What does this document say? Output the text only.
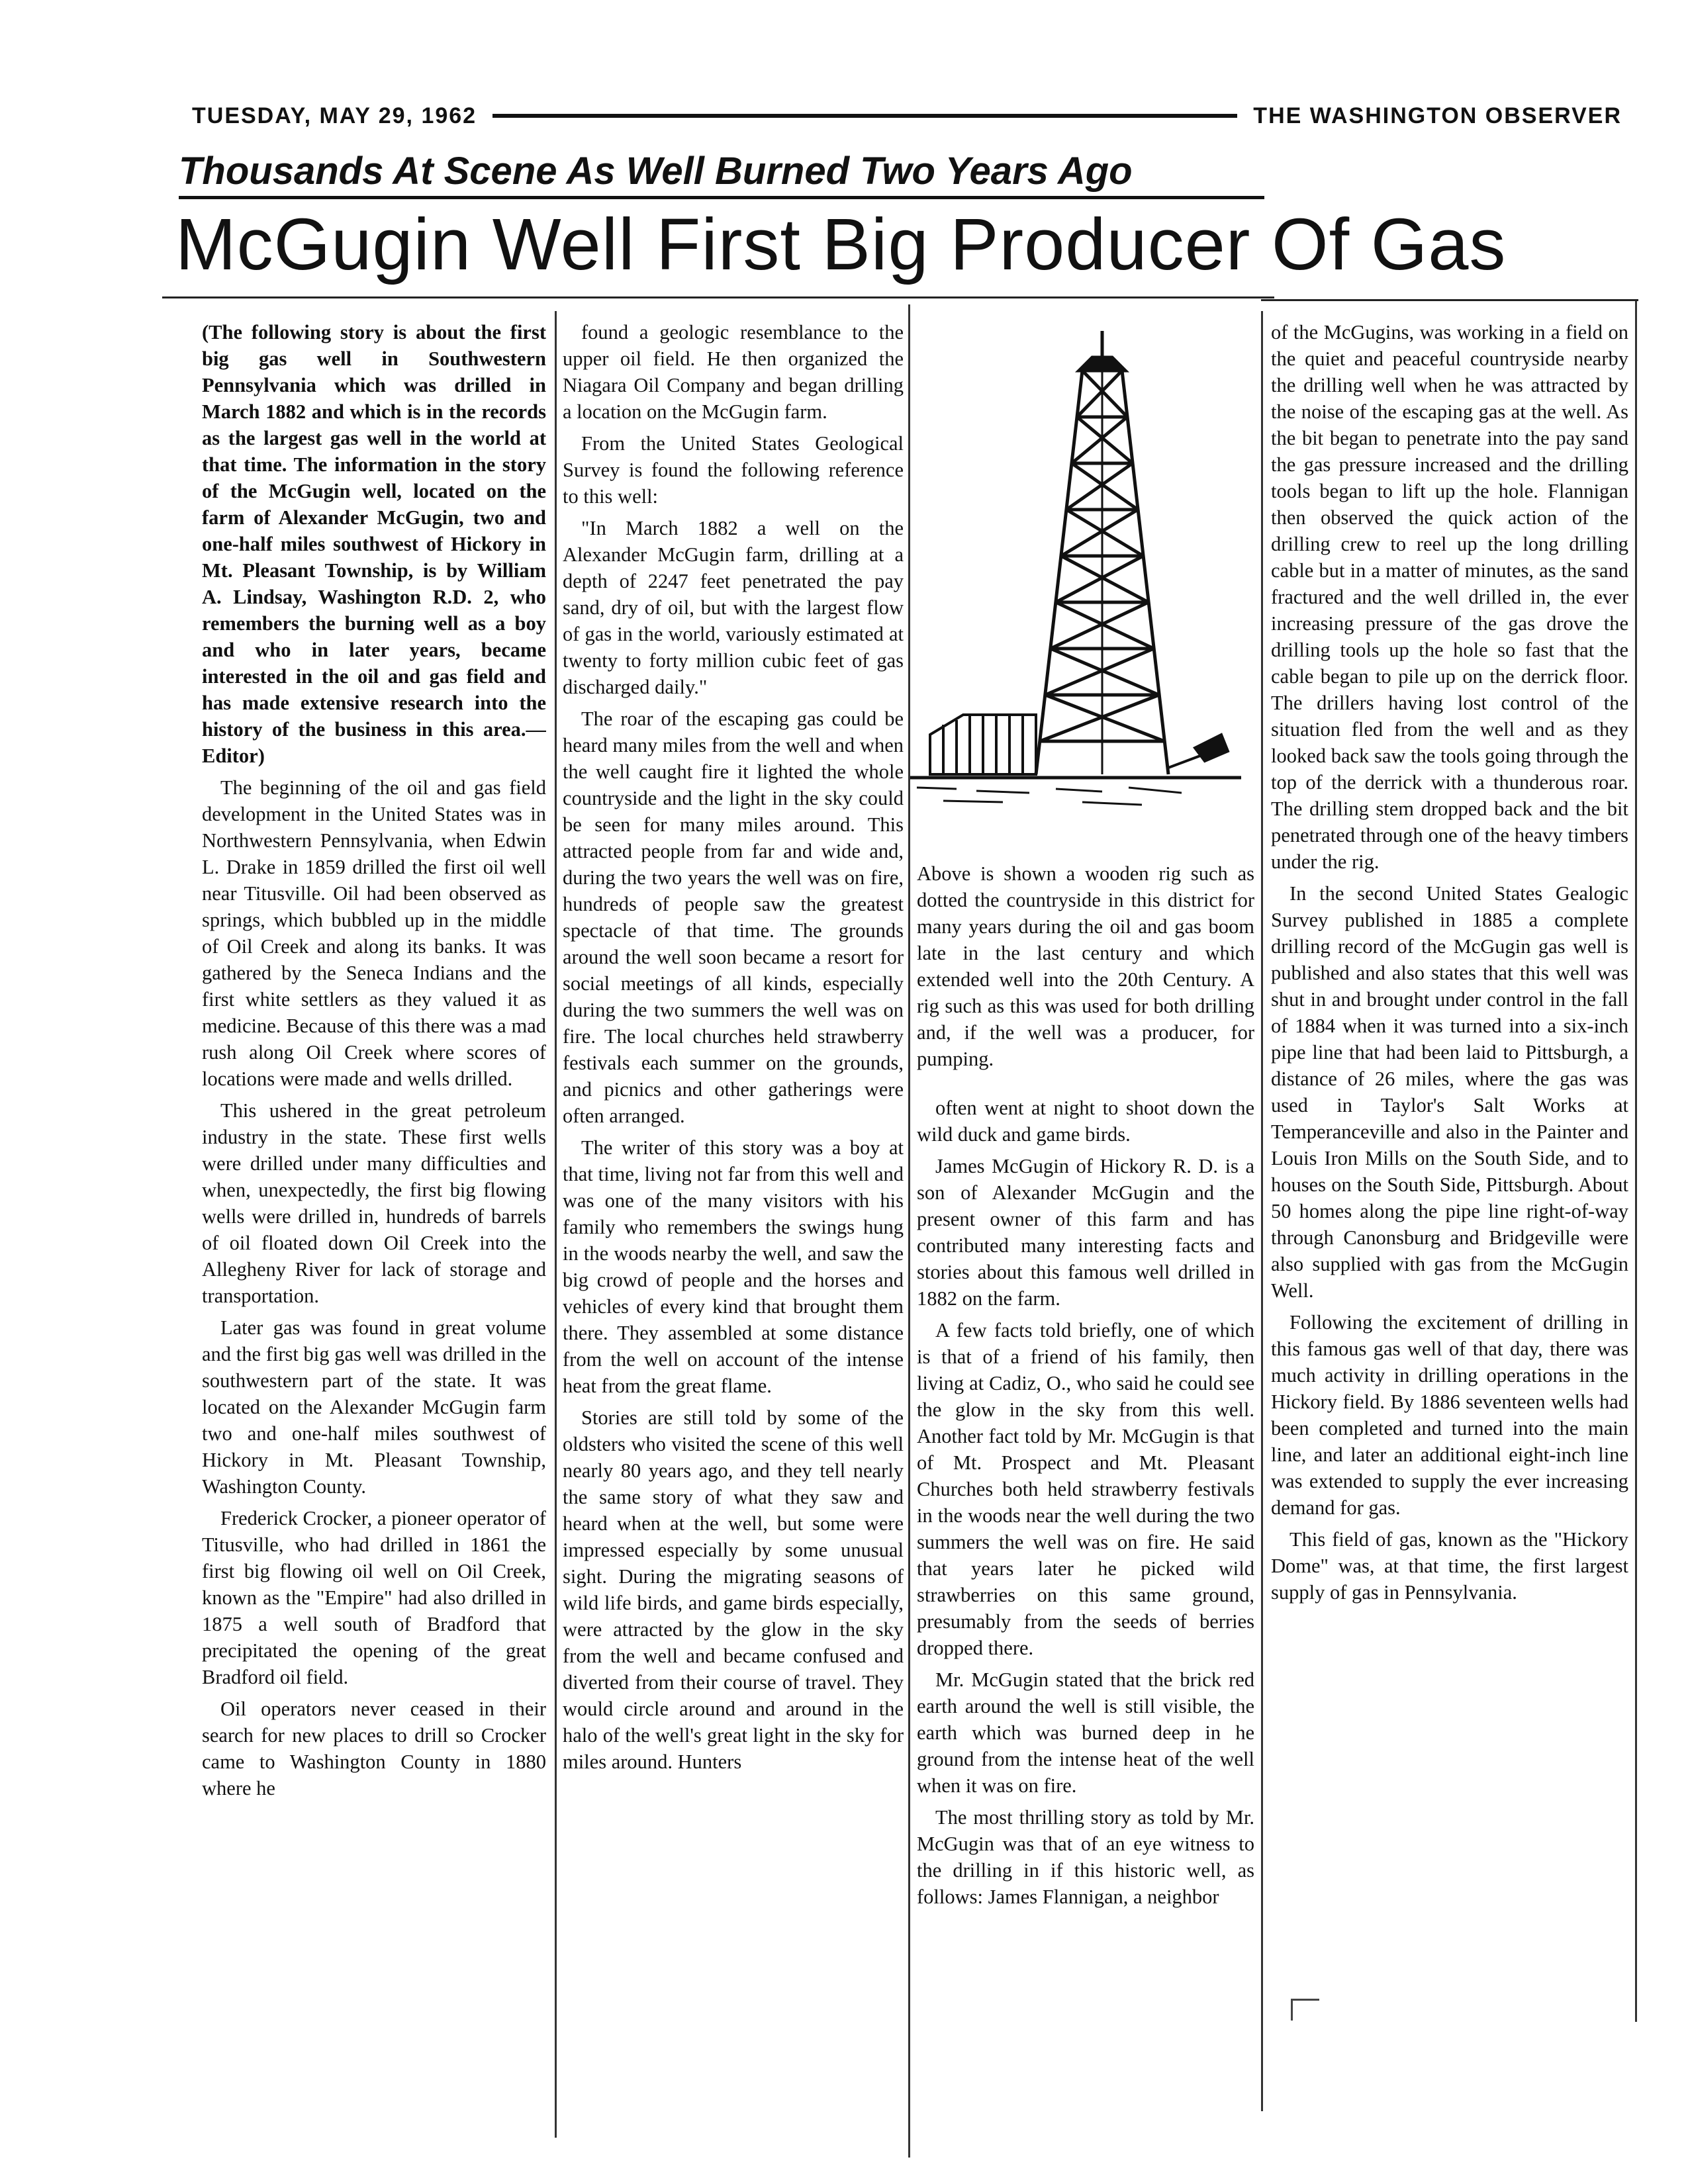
TUESDAY, MAY 29, 1962	THE WASHINGTON OBSERVER
Thousands At Scene As Well Burned Two Years Ago
McGugin Well First Big Producer Of Gas

(The following story is about the first big gas well in Southwestern Pennsylvania which was drilled in March 1882 and which is in the records as the largest gas well in the world at that time. The information in the story of the McGugin well, located on the farm of Alexander McGugin, two and one-half miles southwest of Hickory in Mt. Pleasant Township, is by William A. Lindsay, Washington R.D. 2, who remembers the burning well as a boy and who in later years, became interested in the oil and gas field and has made extensive research into the history of the business in this area.—Editor)

The beginning of the oil and gas field development in the United States was in Northwestern Pennsylvania, when Edwin L. Drake in 1859 drilled the first oil well near Titusville. Oil had been observed as springs, which bubbled up in the middle of Oil Creek and along its banks. It was gathered by the Seneca Indians and the first white settlers as they valued it as medicine. Because of this there was a mad rush along Oil Creek where scores of locations were made and wells drilled.

This ushered in the great petroleum industry in the state. These first wells were drilled under many difficulties and when, unexpectedly, the first big flowing wells were drilled in, hundreds of barrels of oil floated down Oil Creek into the Allegheny River for lack of storage and transportation.

Later gas was found in great volume and the first big gas well was drilled in the southwestern part of the state. It was located on the Alexander McGugin farm two and one-half miles southwest of Hickory in Mt. Pleasant Township, Washington County.

Frederick Crocker, a pioneer operator of Titusville, who had drilled in 1861 the first big flowing oil well on Oil Creek, known as the "Empire" had also drilled in 1875 a well south of Bradford that precipitated the opening of the great Bradford oil field.

Oil operators never ceased in their search for new places to drill so Crocker came to Washington County in 1880 where he

found a geologic resemblance to the upper oil field. He then organized the Niagara Oil Company and began drilling a location on the McGugin farm.

From the United States Geological Survey is found the following reference to this well:

"In March 1882 a well on the Alexander McGugin farm, drilling at a depth of 2247 feet penetrated the pay sand, dry of oil, but with the largest flow of gas in the world, variously estimated at twenty to forty million cubic feet of gas discharged daily."

The roar of the escaping gas could be heard many miles from the well and when the well caught fire it lighted the whole countryside and the light in the sky could be seen for many miles around. This attracted people from far and wide and, during the two years the well was on fire, hundreds of people saw the greatest spectacle of that time. The grounds around the well soon became a resort for social meetings of all kinds, especially during the two summers the well was on fire. The local churches held strawberry festivals each summer on the grounds, and picnics and other gatherings were often arranged.

The writer of this story was a boy at that time, living not far from this well and was one of the many visitors with his family who remembers the swings hung in the woods nearby the well, and saw the big crowd of people and the horses and vehicles of every kind that brought them there. They assembled at some distance from the well on account of the intense heat from the great flame.

Stories are still told by some of the oldsters who visited the scene of this well nearly 80 years ago, and they tell nearly the same story of what they saw and heard when at the well, but some were impressed especially by some unusual sight. During the migrating seasons of wild life birds, and game birds especially, were attracted by the glow in the sky from the well and became confused and diverted from their course of travel. They would circle around and around in the halo of the well's great light in the sky for miles around. Hunters

Above is shown a wooden rig such as dotted the countryside in this district for many years during the oil and gas boom late in the last century and which extended well into the 20th Century. A rig such as this was used for both drilling and, if the well was a producer, for pumping.

often went at night to shoot down the wild duck and game birds.

James McGugin of Hickory R. D. is a son of Alexander McGugin and the present owner of this farm and has contributed many interesting facts and stories about this famous well drilled in 1882 on the farm.

A few facts told briefly, one of which is that of a friend of his family, then living at Cadiz, O., who said he could see the glow in the sky from this well. Another fact told by Mr. McGugin is that of Mt. Prospect and Mt. Pleasant Churches both held strawberry festivals in the woods near the well during the two summers the well was on fire. He said that years later he picked wild strawberries on this same ground, presumably from the seeds of berries dropped there.

Mr. McGugin stated that the brick red earth around the well is still visible, the earth which was burned deep in he ground from the intense heat of the well when it was on fire.

The most thrilling story as told by Mr. McGugin was that of an eye witness to the drilling in if this historic well, as follows: James Flannigan, a neighbor

of the McGugins, was working in a field on the quiet and peaceful countryside nearby the drilling well when he was attracted by the noise of the escaping gas at the well. As the bit began to penetrate into the pay sand the gas pressure increased and the drilling tools began to lift up the hole. Flannigan then observed the quick action of the drilling crew to reel up the long drilling cable but in a matter of minutes, as the sand fractured and the well drilled in, the ever increasing pressure of the gas drove the drilling tools up the hole so fast that the cable began to pile up on the derrick floor. The drillers having lost control of the situation fled from the well and as they looked back saw the tools going through the top of the derrick with a thunderous roar. The drilling stem dropped back and the bit penetrated through one of the heavy timbers under the rig.

In the second United States Gealogic Survey published in 1885 a complete drilling record of the McGugin gas well is published and also states that this well was shut in and brought under control in the fall of 1884 when it was turned into a six-inch pipe line that had been laid to Pittsburgh, a distance of 26 miles, where the gas was used in Taylor's Salt Works at Temperanceville and also in the Painter and Louis Iron Mills on the South Side, and to houses on the South Side, Pittsburgh. About 50 homes along the pipe line right-of-way through Canonsburg and Bridgeville were also supplied with gas from the McGugin Well.

Following the excitement of drilling in this famous gas well of that day, there was much activity in drilling operations in the Hickory field. By 1886 seventeen wells had been completed and turned into the main line, and later an additional eight-inch line was extended to supply the ever increasing demand for gas.

This field of gas, known as the "Hickory Dome" was, at that time, the first largest supply of gas in Pennsylvania.
